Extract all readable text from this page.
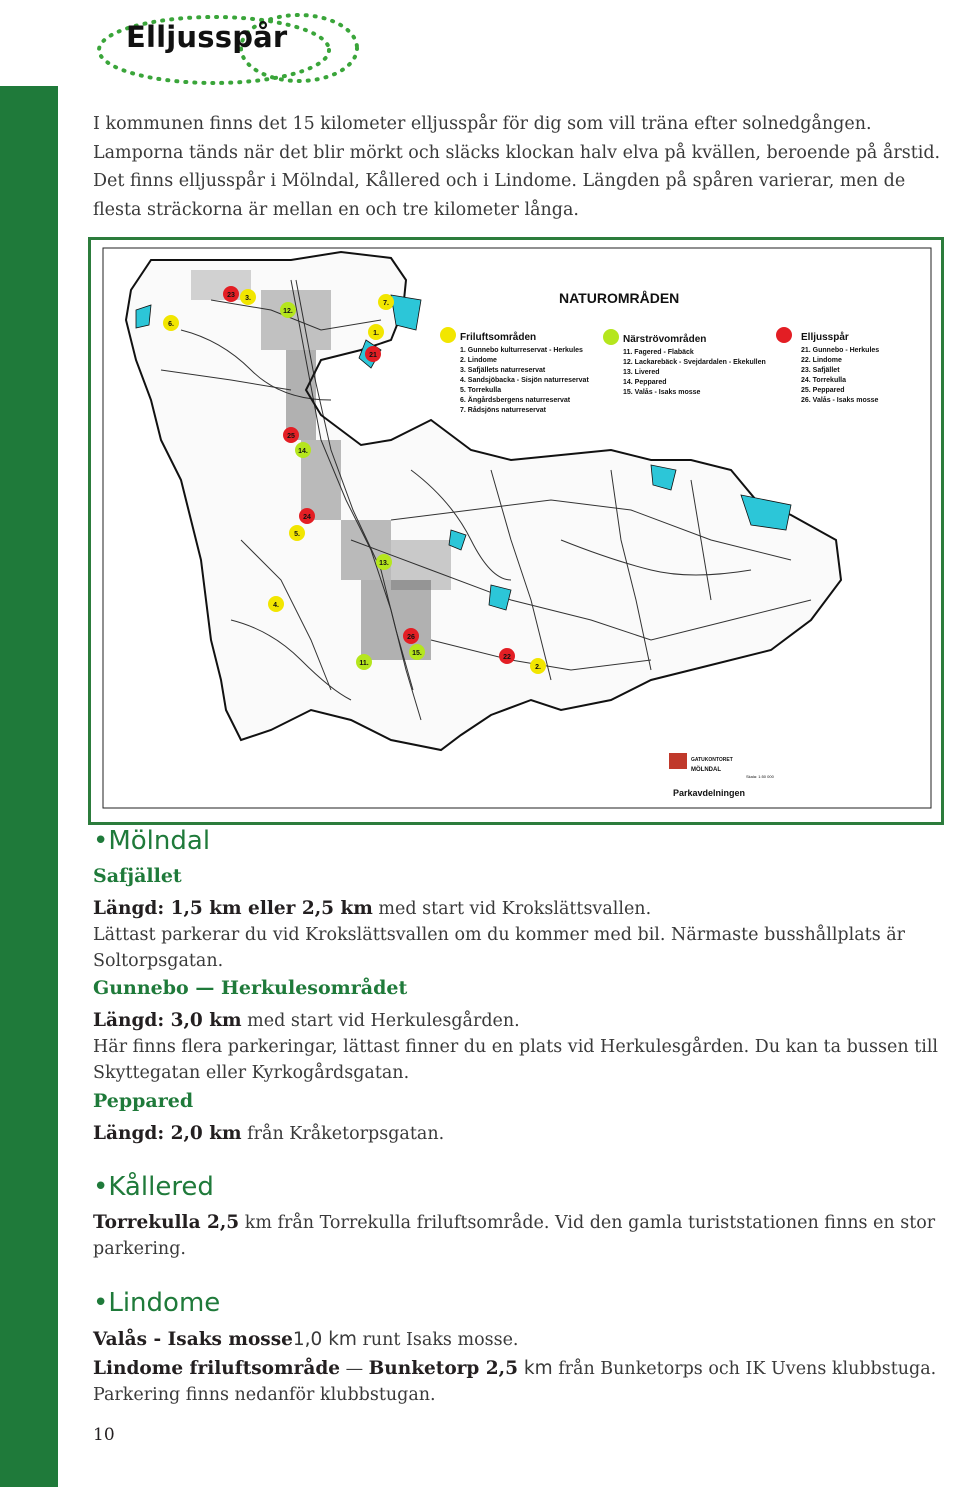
Elljusspår
I kommunen finns det 15 kilometer elljusspår för dig som vill träna efter solnedgången. Lamporna tänds när det blir mörkt och släcks klockan halv elva på kvällen, beroende på årstid. Det finns elljusspår i Mölndal, Kållered och i Lindome. Längden på spåren varierar, men de flesta sträckorna är mellan en och tre kilometer långa.
23 3.
12.
7.
6.
1.
21
25
14.
24
5.
13.
4.
26
15.
11.
22
2.
NATUROMRÅDEN
Friluftsområden
1. Gunnebo kulturreservat - Herkules
2. Lindome
3. Safjällets naturreservat
4. Sandsjöbacka - Sisjön naturreservat
5. Torrekulla
6. Ängårdsbergens naturreservat
7. Rådsjöns naturreservat
Närströvområden
11. Fagered - Flabäck
12. Lackarebäck - Svejdardalen - Ekekullen
13. Livered
14. Peppared
15. Valås - Isaks mosse
Elljusspår
21. Gunnebo - Herkules
22. Lindome
23. Safjället
24. Torrekulla
25. Peppared
26. Valås - Isaks mosse
GATUKONTORET
MÖLNDAL
Skala: 1:50 000
Parkavdelningen
•Mölndal
Safjället
Längd: 1,5 km eller 2,5 km med start vid Krokslättsvallen.
Lättast parkerar du vid Krokslättsvallen om du kommer med bil. Närmaste busshållplats är Soltorpsgatan.
Gunnebo — Herkulesområdet
Längd: 3,0 km med start vid Herkulesgården.
Här finns flera parkeringar, lättast finner du en plats vid Herkulesgården. Du kan ta bussen till Skyttegatan eller Kyrkogårdsgatan.
Peppared
Längd: 2,0 km från Kråketorpsgatan.
•Kållered
Torrekulla 2,5 km från Torrekulla friluftsområde. Vid den gamla turiststationen finns en stor parkering.
•Lindome
Valås - Isaks mosse1,0 km runt Isaks mosse.
Lindome friluftsområde — Bunketorp 2,5 km från Bunketorps och IK Uvens klubbstuga. Parkering finns nedanför klubbstugan.
10
